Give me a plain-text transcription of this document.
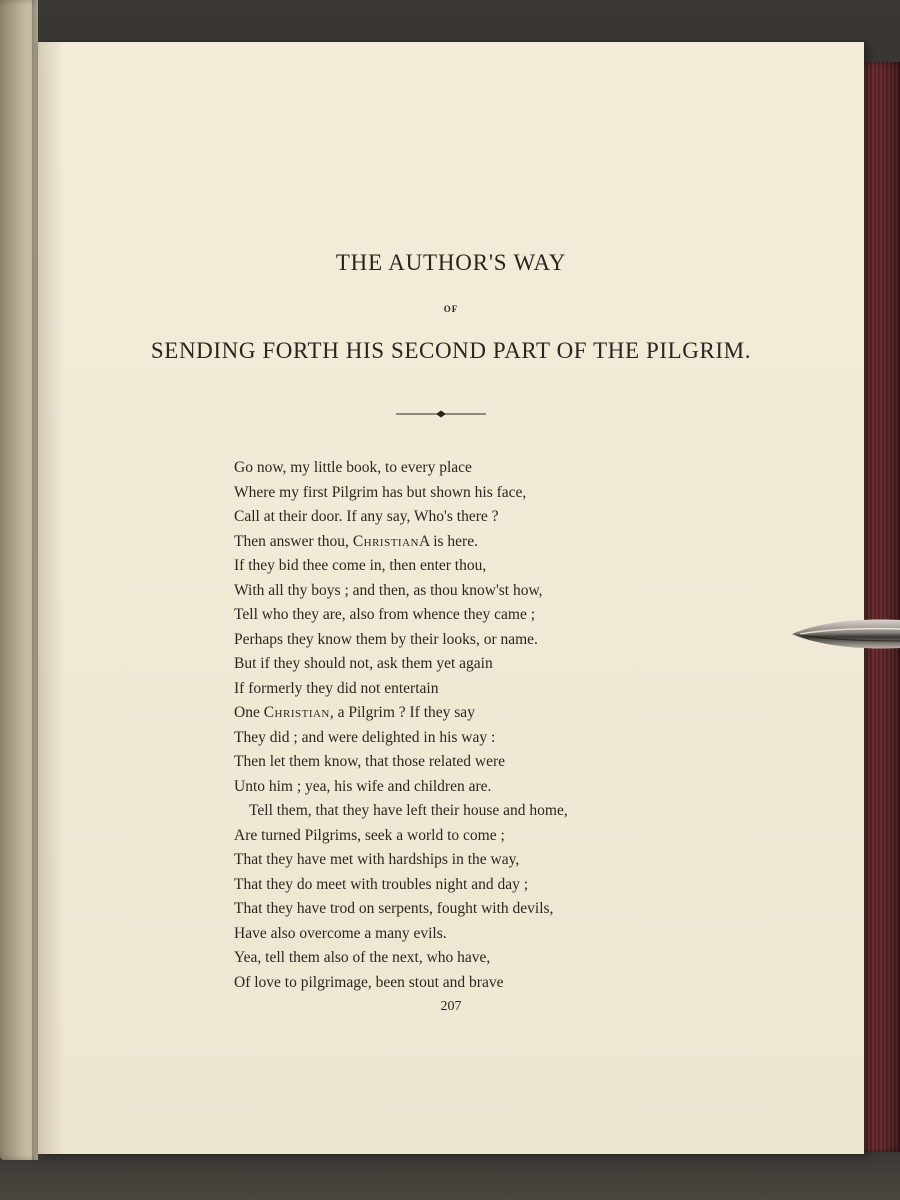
THE AUTHOR'S WAY
OF
SENDING FORTH HIS SECOND PART OF THE PILGRIM.
Go now, my little book, to every place
Where my first Pilgrim has but shown his face,
Call at their door. If any say, Who's there ?
Then answer thou, ChristianA is here.
If they bid thee come in, then enter thou,
With all thy boys ; and then, as thou know'st how,
Tell who they are, also from whence they came ;
Perhaps they know them by their looks, or name.
But if they should not, ask them yet again
If formerly they did not entertain
One Christian, a Pilgrim ? If they say
They did ; and were delighted in his way :
Then let them know, that those related were
Unto him ; yea, his wife and children are.
Tell them, that they have left their house and home,
Are turned Pilgrims, seek a world to come ;
That they have met with hardships in the way,
That they do meet with troubles night and day ;
That they have trod on serpents, fought with devils,
Have also overcome a many evils.
Yea, tell them also of the next, who have,
Of love to pilgrimage, been stout and brave
207
